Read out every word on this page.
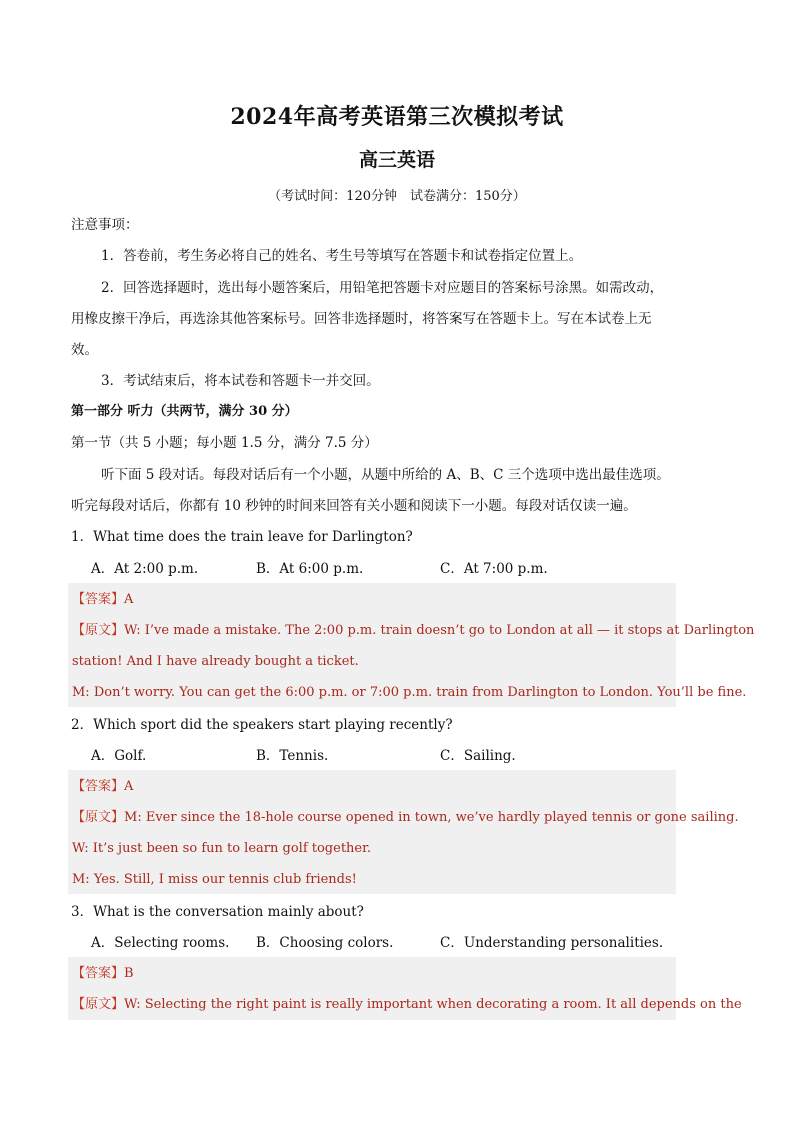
2024年高考英语第三次模拟考试
高三英语
（考试时间：120分钟　试卷满分：150分）
注意事项：
1．答卷前，考生务必将自己的姓名、考生号等填写在答题卡和试卷指定位置上。
2．回答选择题时，选出每小题答案后，用铅笔把答题卡对应题目的答案标号涂黑。如需改动，
用橡皮擦干净后，再选涂其他答案标号。回答非选择题时，将答案写在答题卡上。写在本试卷上无
效。
3．考试结束后，将本试卷和答题卡一并交回。
第一部分 听力（共两节，满分 30 分）
第一节（共 5 小题；每小题 1.5 分，满分 7.5 分）
听下面 5 段对话。每段对话后有一个小题，从题中所给的 A、B、C 三个选项中选出最佳选项。
听完每段对话后，你都有 10 秒钟的时间来回答有关小题和阅读下一小题。每段对话仅读一遍。
1．What time does the train leave for Darlington?
A．At 2:00 p.m.	B．At 6:00 p.m.	C．At 7:00 p.m.
【答案】A
【原文】W: I’ve made a mistake. The 2:00 p.m. train doesn’t go to London at all — it stops at Darlington
station! And I have already bought a ticket.
M: Don’t worry. You can get the 6:00 p.m. or 7:00 p.m. train from Darlington to London. You’ll be fine.
2．Which sport did the speakers start playing recently?
A．Golf.	B．Tennis.	C．Sailing.
【答案】A
【原文】M: Ever since the 18-hole course opened in town, we’ve hardly played tennis or gone sailing.
W: It’s just been so fun to learn golf together.
M: Yes. Still, I miss our tennis club friends!
3．What is the conversation mainly about?
A．Selecting rooms. B．Choosing colors.	C．Understanding personalities.
【答案】B
【原文】W: Selecting the right paint is really important when decorating a room. It all depends on the
